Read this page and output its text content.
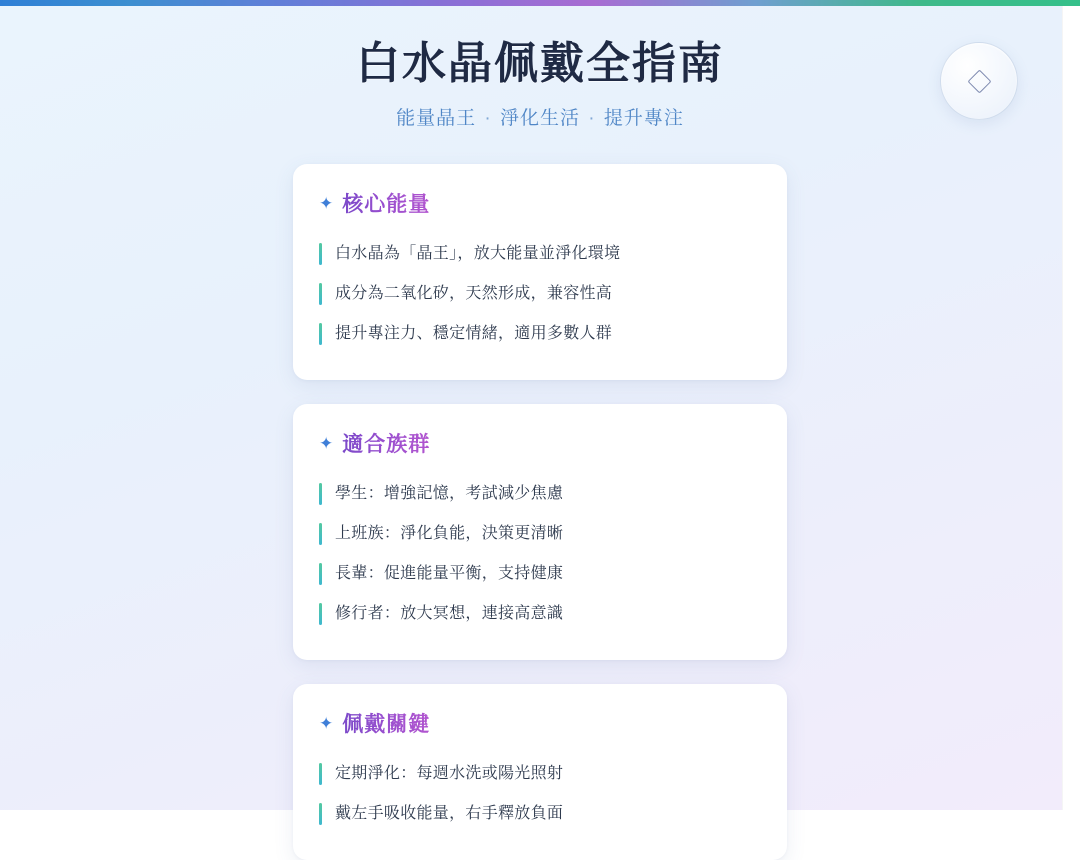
白水晶佩戴全指南
能量晶王 · 淨化生活 · 提升專注
✦ 核心能量
白水晶為「晶王」，放大能量並淨化環境
成分為二氧化矽，天然形成，兼容性高
提升專注力、穩定情緒，適用多數人群
✦ 適合族群
學生：增強記憶，考試減少焦慮
上班族：淨化負能，決策更清晰
長輩：促進能量平衡，支持健康
修行者：放大冥想，連接高意識
✦ 佩戴關鍵
定期淨化：每週水洗或陽光照射
戴左手吸收能量，右手釋放負面
